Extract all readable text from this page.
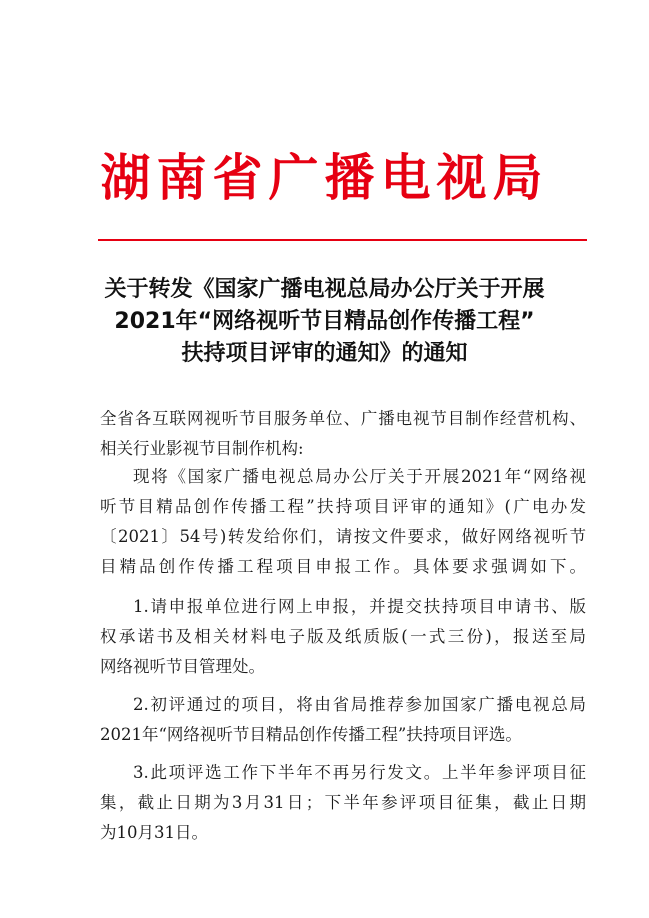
湖南省广播电视局
关于转发《国家广播电视总局办公厅关于开展
2021年“网络视听节目精品创作传播工程”
扶持项目评审的通知》的通知
全省各互联网视听节目服务单位、广播电视节目制作经营机构、
相关行业影视节目制作机构:
现将《国家广播电视总局办公厅关于开展2021年“网络视
听节目精品创作传播工程”扶持项目评审的通知》(广电办发
〔2021〕54号)转发给你们，请按文件要求，做好网络视听节
目精品创作传播工程项目申报工作。具体要求强调如下。
1.请申报单位进行网上申报，并提交扶持项目申请书、版
权承诺书及相关材料电子版及纸质版(一式三份)，报送至局
网络视听节目管理处。
2.初评通过的项目，将由省局推荐参加国家广播电视总局
2021年“网络视听节目精品创作传播工程”扶持项目评选。
3.此项评选工作下半年不再另行发文。上半年参评项目征
集，截止日期为3月31日；下半年参评项目征集，截止日期
为10月31日。
